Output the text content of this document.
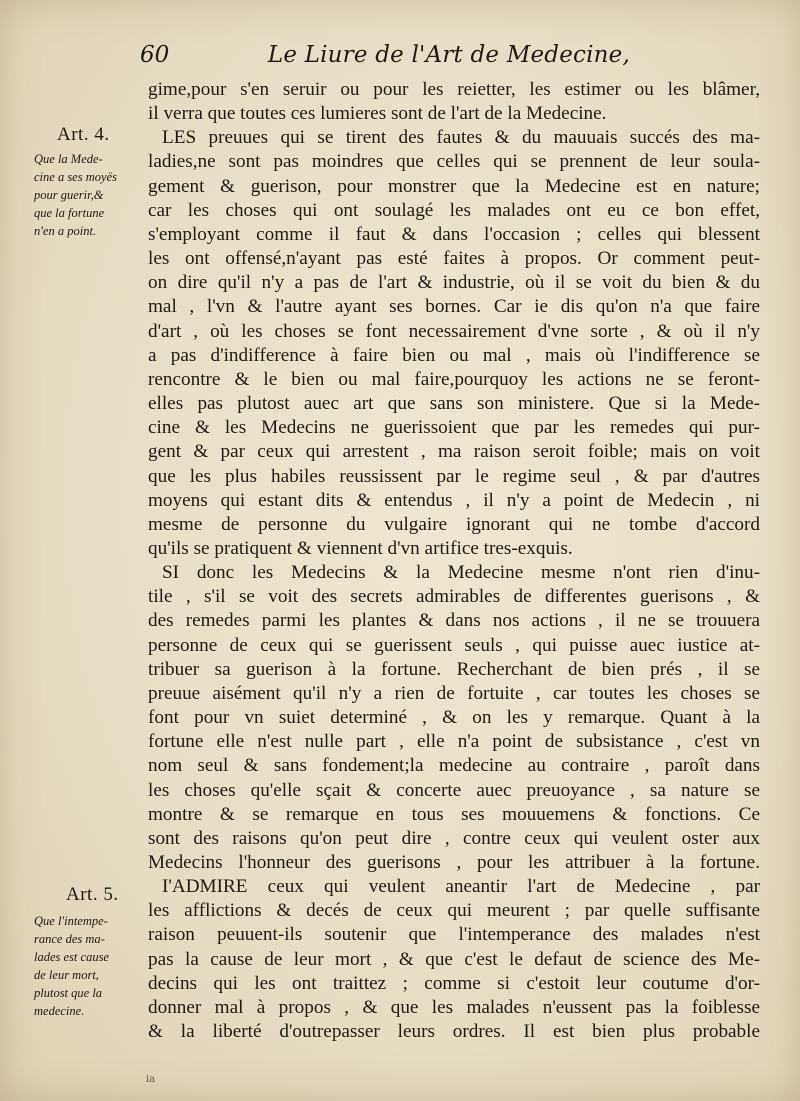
60	Le Liure de l'Art de Medecine,
Art. 4.
Que la Mede-
cine a ses moyës
pour guerir,&
que la fortune
n'en a point.
Art. 5.
Que l'intempe-
rance des ma-
lades est cause
de leur mort,
plutost que la
medecine.
gime,pour s'en seruir ou pour les reietter, les estimer ou les blâmer,
il verra que toutes ces lumieres sont de l'art de la Medecine.
LES preuues qui se tirent des fautes & du mauuais succés des ma-
ladies,ne sont pas moindres que celles qui se prennent de leur soula-
gement & guerison, pour monstrer que la Medecine est en nature;
car les choses qui ont soulagé les malades ont eu ce bon effet,
s'employant comme il faut & dans l'occasion ; celles qui blessent
les ont offensé,n'ayant pas esté faites à propos. Or comment peut-
on dire qu'il n'y a pas de l'art & industrie, où il se voit du bien & du
mal , l'vn & l'autre ayant ses bornes. Car ie dis qu'on n'a que faire
d'art , où les choses se font necessairement d'vne sorte , & où il n'y
a pas d'indifference à faire bien ou mal , mais où l'indifference se
rencontre & le bien ou mal faire,pourquoy les actions ne se feront-
elles pas plutost auec art que sans son ministere. Que si la Mede-
cine & les Medecins ne guerissoient que par les remedes qui pur-
gent & par ceux qui arrestent , ma raison seroit foible; mais on voit
que les plus habiles reussissent par le regime seul , & par d'autres
moyens qui estant dits & entendus , il n'y a point de Medecin , ni
mesme de personne du vulgaire ignorant qui ne tombe d'accord
qu'ils se pratiquent & viennent d'vn artifice tres-exquis.
SI donc les Medecins & la Medecine mesme n'ont rien d'inu-
tile , s'il se voit des secrets admirables de differentes guerisons , &
des remedes parmi les plantes & dans nos actions , il ne se trouuera
personne de ceux qui se guerissent seuls , qui puisse auec iustice at-
tribuer sa guerison à la fortune. Recherchant de bien prés , il se
preuue aisément qu'il n'y a rien de fortuite , car toutes les choses se
font pour vn suiet determiné , & on les y remarque. Quant à la
fortune elle n'est nulle part , elle n'a point de subsistance , c'est vn
nom seul & sans fondement;la medecine au contraire , paroît dans
les choses qu'elle sçait & concerte auec preuoyance , sa nature se
montre & se remarque en tous ses mouuemens & fonctions. Ce
sont des raisons qu'on peut dire , contre ceux qui veulent oster aux
Medecins l'honneur des guerisons , pour les attribuer à la fortune.
I'ADMIRE ceux qui veulent aneantir l'art de Medecine , par
les afflictions & decés de ceux qui meurent ; par quelle suffisante
raison peuuent-ils soutenir que l'intemperance des malades n'est
pas la cause de leur mort , & que c'est le defaut de science des Me-
decins qui les ont traittez ; comme si c'estoit leur coutume d'or-
donner mal à propos , & que les malades n'eussent pas la foiblesse
& la liberté d'outrepasser leurs ordres. Il est bien plus probable
ia
